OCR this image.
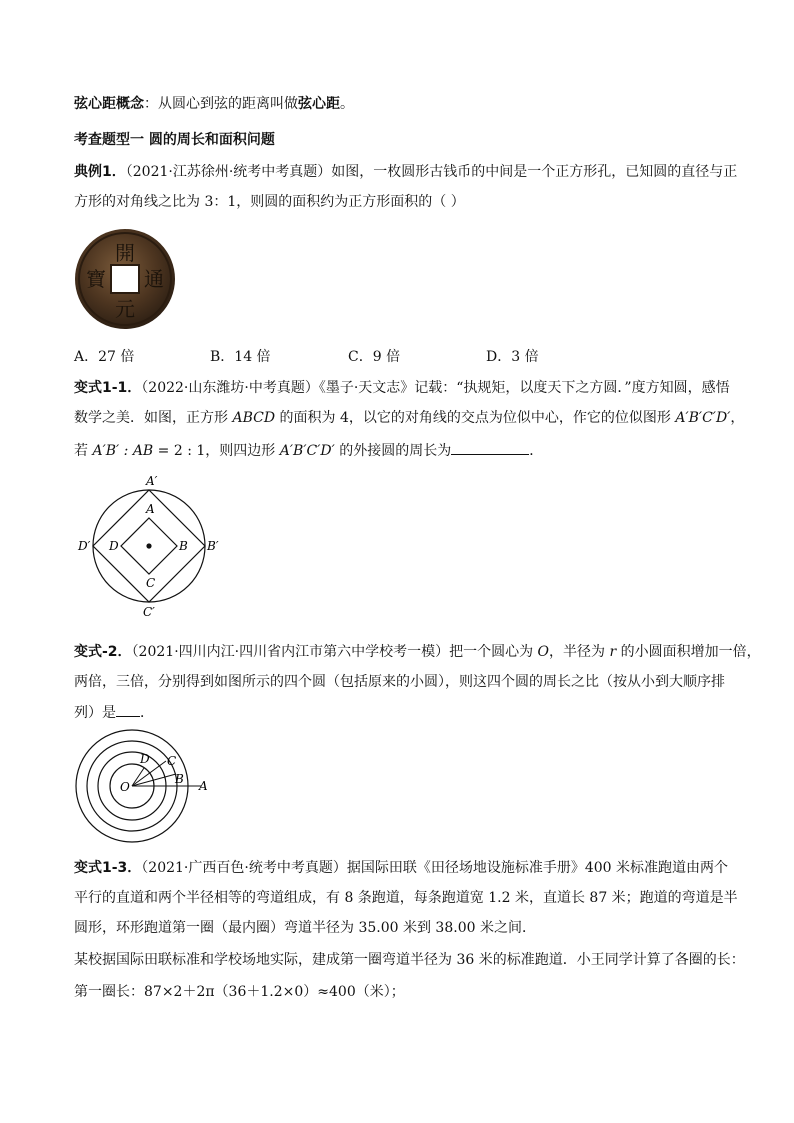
弦心距概念：从圆心到弦的距离叫做弦心距。
考查题型一 圆的周长和面积问题
典例1．（2021·江苏徐州·统考中考真题）如图，一枚圆形古钱币的中间是一个正方形孔，已知圆的直径与正
方形的对角线之比为 3：1，则圆的面积约为正方形面积的（ ）
開
通
元
寶
A．27 倍	B．14 倍	C．9 倍	D．3 倍
变式1-1．（2022·山东潍坊·中考真题）《墨子·天文志》记载：“执规矩，以度天下之方圆．”度方知圆，感悟
数学之美．如图，正方形 ABCD 的面积为 4，以它的对角线的交点为位似中心，作它的位似图形 A′B′C′D′，
若 A′B′ : AB = 2 : 1，则四边形 A′B′C′D′ 的外接圆的周长为	．
A′
B′
C′
D′
A
B
C
D
变式-2．（2021·四川内江·四川省内江市第六中学校考一模）把一个圆心为 O，半径为 r 的小圆面积增加一倍，
两倍，三倍，分别得到如图所示的四个圆（包括原来的小圆），则这四个圆的周长之比（按从小到大顺序排
列）是 ．
O	A
B
C
D
变式1-3．（2021·广西百色·统考中考真题）据国际田联《田径场地设施标准手册》400 米标准跑道由两个
平行的直道和两个半径相等的弯道组成，有 8 条跑道，每条跑道宽 1.2 米，直道长 87 米；跑道的弯道是半
圆形，环形跑道第一圈（最内圈）弯道半径为 35.00 米到 38.00 米之间．
某校据国际田联标准和学校场地实际，建成第一圈弯道半径为 36 米的标准跑道．小王同学计算了各圈的长：
第一圈长：87×2＋2π（36＋1.2×0）≈400（米）；
